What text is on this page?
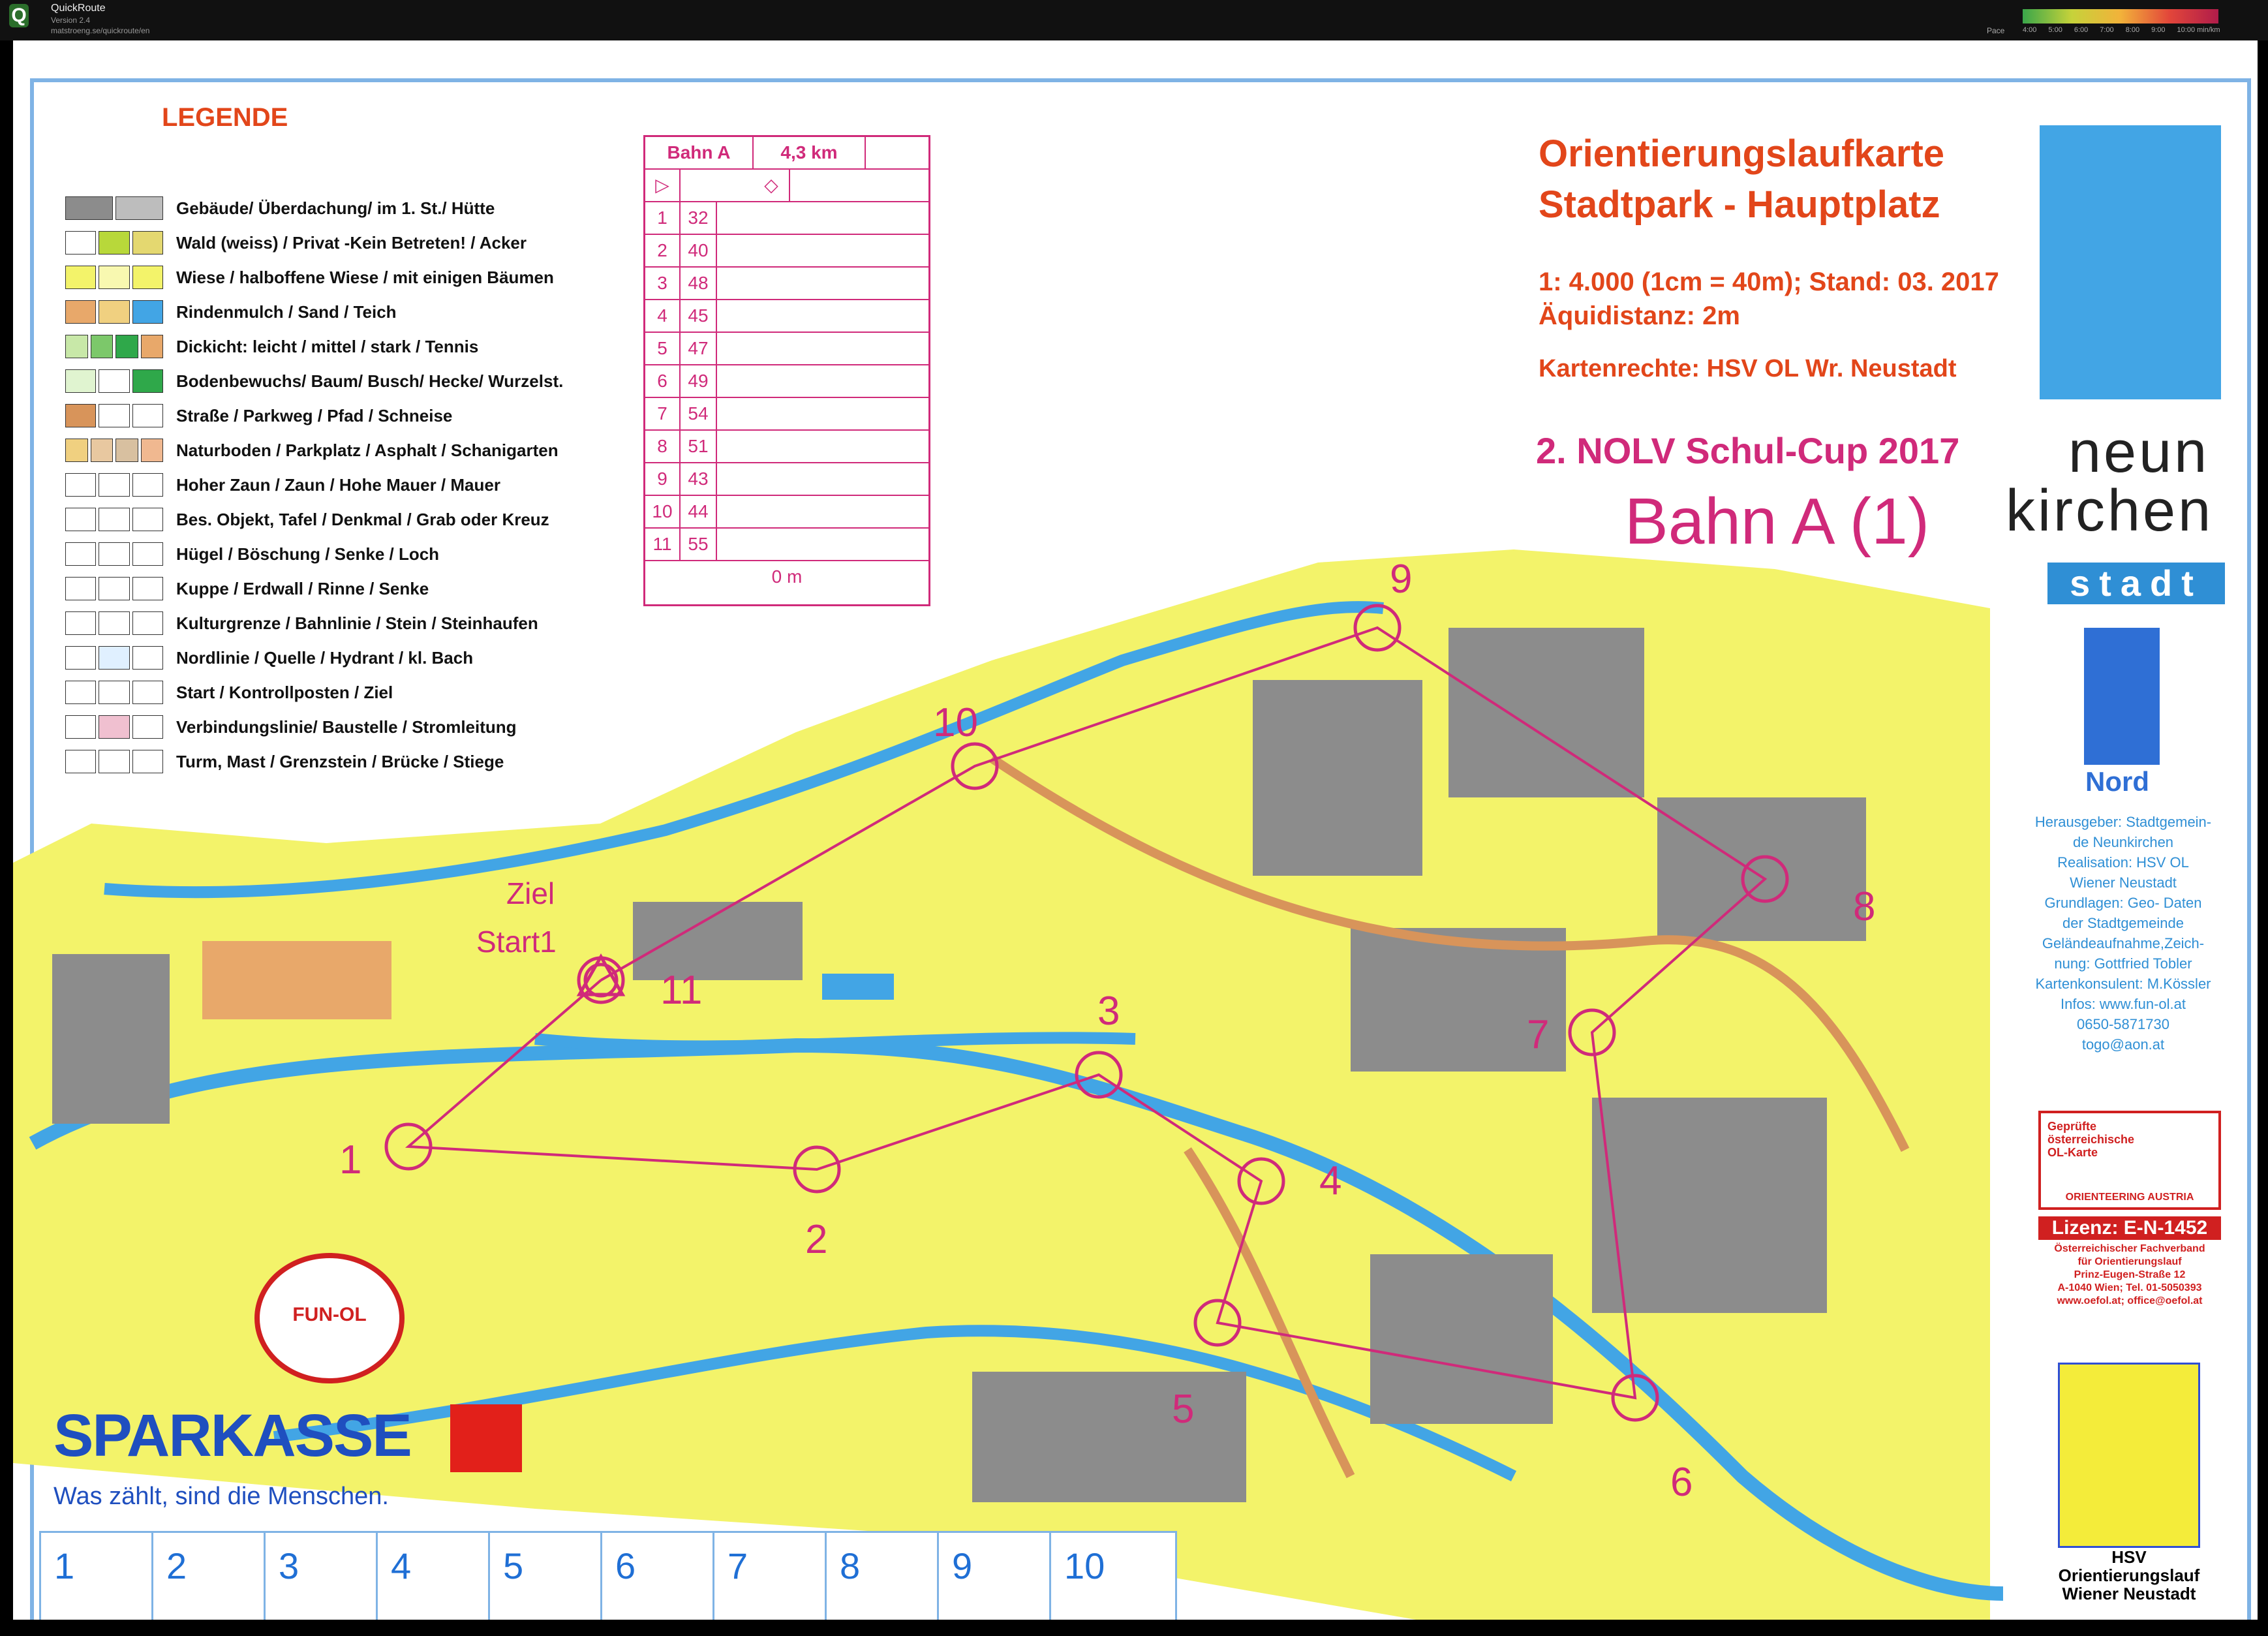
Q QuickRoute
Version 2.4
matstroeng.se/quickroute/en	Pace	4:00 5:00 6:00 7:00 8:00 9:00 10:00 min/km
1
2
3
4
5
6
7
8
9
10
11
Ziel
Start1
LEGENDE
Gebäude/ Überdachung/ im 1. St./ Hütte
Wald (weiss) / Privat -Kein Betreten! / Acker
Wiese / halboffene Wiese / mit einigen Bäumen
Rindenmulch / Sand / Teich
Dickicht: leicht / mittel / stark / Tennis
Bodenbewuchs/ Baum/ Busch/ Hecke/ Wurzelst.
Straße / Parkweg / Pfad / Schneise
Naturboden / Parkplatz / Asphalt / Schanigarten
Hoher Zaun / Zaun / Hohe Mauer / Mauer
Bes. Objekt, Tafel / Denkmal / Grab oder Kreuz
Hügel / Böschung / Senke / Loch
Kuppe / Erdwall / Rinne / Senke
Kulturgrenze / Bahnlinie / Stein / Steinhaufen
Nordlinie / Quelle / Hydrant / kl. Bach
Start / Kontrollposten / Ziel
Verbindungslinie/ Baustelle / Stromleitung
Turm, Mast / Grenzstein / Brücke / Stiege
Bahn A	4,3 km
▷	◇
1	32
2	40
3	48
4	45
5	47
6	49
7	54
8	51
9	43
10 44
11 55
0 m
Orientierungslaufkarte
Stadtpark - Hauptplatz
1: 4.000 (1cm = 40m); Stand: 03. 2017
Äquidistanz: 2m
Kartenrechte: HSV OL Wr. Neustadt
2. NOLV Schul-Cup 2017
Bahn A (1)
neun
kirchen
stadt
Nord
Herausgeber: Stadtgemein-
de Neunkirchen
Realisation: HSV OL
Wiener Neustadt
Grundlagen: Geo- Daten
der Stadtgemeinde
Geländeaufnahme,Zeich-
nung: Gottfried Tobler
Kartenkonsulent: M.Kössler
Infos: www.fun-ol.at
0650-5871730
togo@aon.at
Geprüfte österreichische OL-Karte
ORIENTEERING AUSTRIA
Lizenz: E-N-1452
Österreichischer Fachverband
für Orientierungslauf
Prinz-Eugen-Straße 12
A-1040 Wien; Tel. 01-5050393
www.oefol.at; office@oefol.at
HSV
Orientierungslauf
Wiener Neustadt
FUN-OL
SPARKASSE
Was zählt, sind die Menschen.
1	2	3	4	5	6	7	8	9	10
